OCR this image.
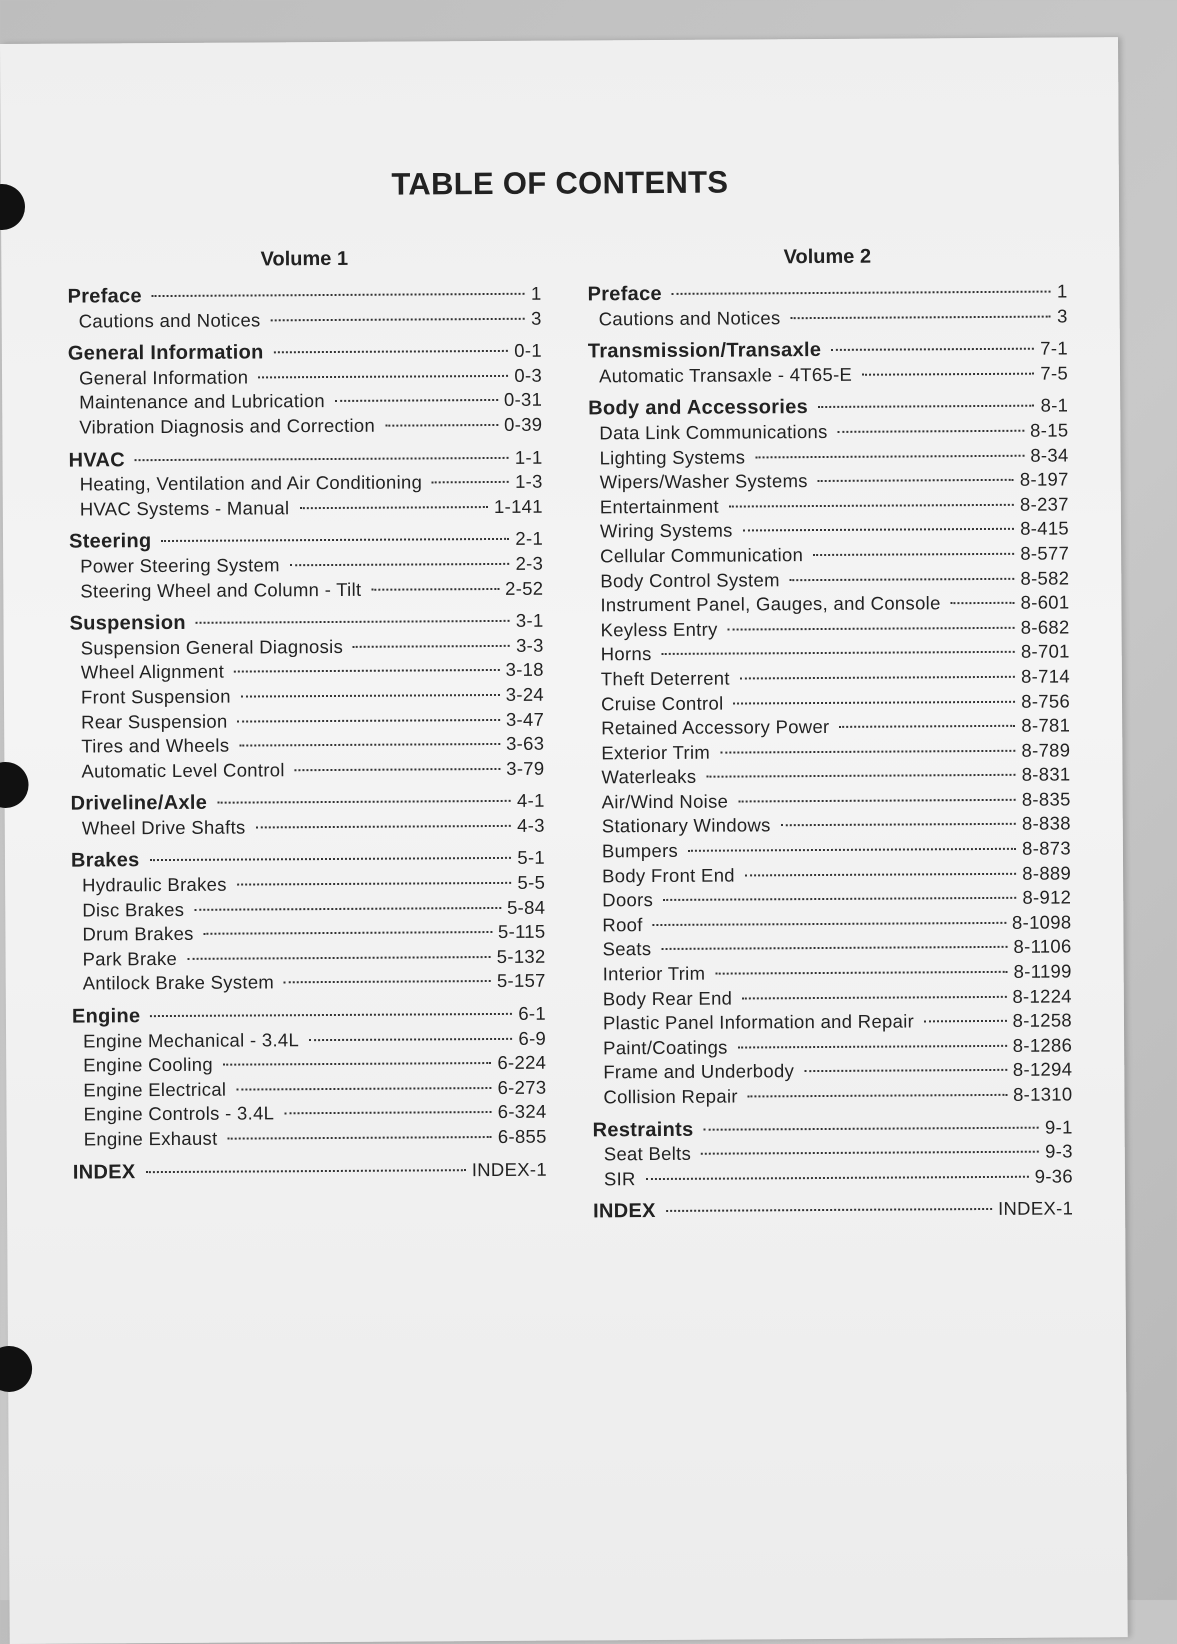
TABLE OF CONTENTS
Volume 1
Preface	1
Cautions and Notices	3
General Information	0-1
General Information	0-3
Maintenance and Lubrication	0-31
Vibration Diagnosis and Correction	0-39
HVAC	1-1
Heating, Ventilation and Air Conditioning	1-3
HVAC Systems - Manual	1-141
Steering	2-1
Power Steering System	2-3
Steering Wheel and Column - Tilt	2-52
Suspension	3-1
Suspension General Diagnosis	3-3
Wheel Alignment	3-18
Front Suspension	3-24
Rear Suspension	3-47
Tires and Wheels	3-63
Automatic Level Control	3-79
Driveline/Axle	4-1
Wheel Drive Shafts	4-3
Brakes	5-1
Hydraulic Brakes	5-5
Disc Brakes	5-84
Drum Brakes	5-115
Park Brake	5-132
Antilock Brake System	5-157
Engine	6-1
Engine Mechanical - 3.4L	6-9
Engine Cooling	6-224
Engine Electrical	6-273
Engine Controls - 3.4L	6-324
Engine Exhaust	6-855
INDEX	INDEX-1
Volume 2
Preface	1
Cautions and Notices	3
Transmission/Transaxle	7-1
Automatic Transaxle - 4T65-E	7-5
Body and Accessories	8-1
Data Link Communications	8-15
Lighting Systems	8-34
Wipers/Washer Systems	8-197
Entertainment	8-237
Wiring Systems	8-415
Cellular Communication	8-577
Body Control System	8-582
Instrument Panel, Gauges, and Console	8-601
Keyless Entry	8-682
Horns	8-701
Theft Deterrent	8-714
Cruise Control	8-756
Retained Accessory Power	8-781
Exterior Trim	8-789
Waterleaks	8-831
Air/Wind Noise	8-835
Stationary Windows	8-838
Bumpers	8-873
Body Front End	8-889
Doors	8-912
Roof	8-1098
Seats	8-1106
Interior Trim	8-1199
Body Rear End	8-1224
Plastic Panel Information and Repair	8-1258
Paint/Coatings	8-1286
Frame and Underbody	8-1294
Collision Repair	8-1310
Restraints	9-1
Seat Belts	9-3
SIR	9-36
INDEX	INDEX-1
